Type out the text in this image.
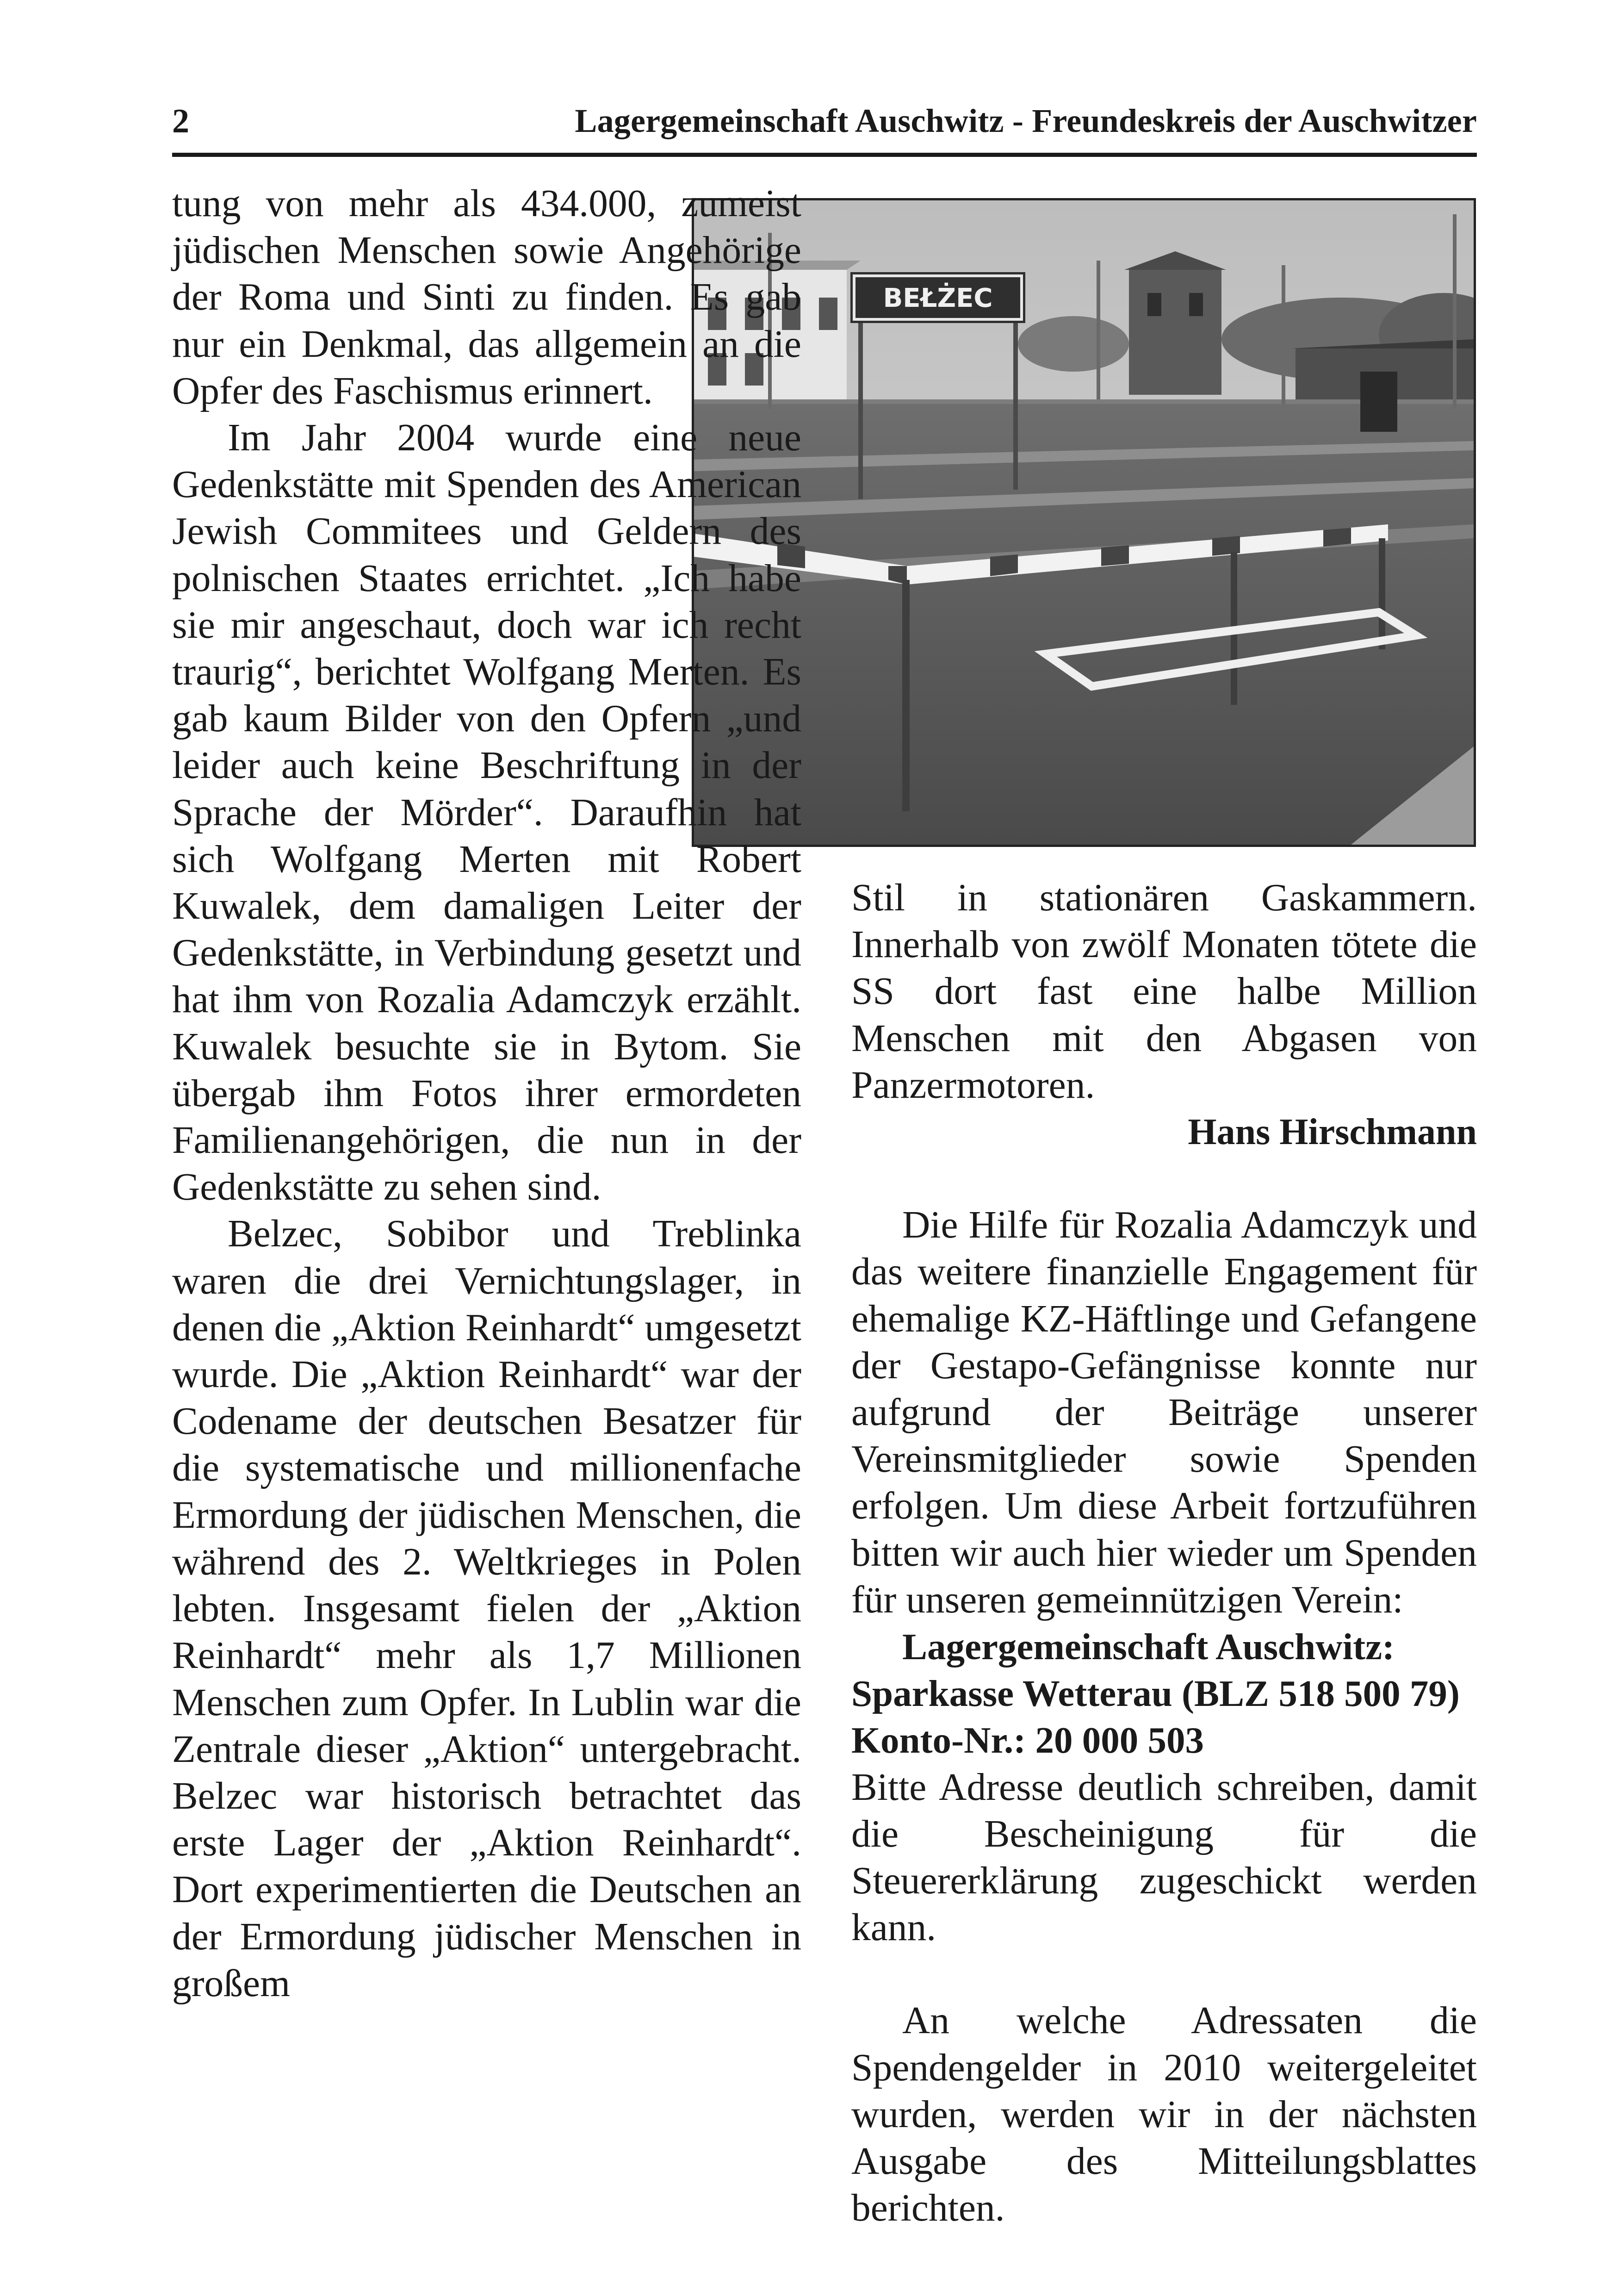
2	Lagergemeinschaft Auschwitz - Freundeskreis der Auschwitzer
BEŁŻEC

tung von mehr als 434.000, zumeist jüdischen Menschen sowie Angehörige der Roma und Sinti zu finden. Es gab nur ein Denkmal, das allgemein an die Opfer des Faschismus erinnert.

Im Jahr 2004 wurde eine neue Gedenkstätte mit Spenden des American Jewish Commitees und Geldern des polnischen Staates errichtet. „Ich habe sie mir angeschaut, doch war ich recht traurig“, berichtet Wolfgang Merten. Es gab kaum Bilder von den Opfern „und leider auch keine Beschriftung in der Sprache der Mörder“. Daraufhin hat sich Wolfgang Merten mit Robert Kuwalek, dem damaligen Leiter der Gedenkstätte, in Verbindung gesetzt und hat ihm von Rozalia Adamczyk erzählt. Kuwalek besuchte sie in Bytom. Sie übergab ihm Fotos ihrer ermordeten Familienangehörigen, die nun in der Gedenkstätte zu sehen sind.

Belzec, Sobibor und Treblinka waren die drei Vernichtungslager, in denen die „Aktion Reinhardt“ umgesetzt wurde. Die „Aktion Reinhardt“ war der Codename der deutschen Besatzer für die systematische und millionenfache Ermordung der jüdischen Menschen, die während des 2. Weltkrieges in Polen lebten. Insgesamt fielen der „Aktion Reinhardt“ mehr als 1,7 Millionen Menschen zum Opfer. In Lublin war die Zentrale dieser „Aktion“ untergebracht. Belzec war historisch betrachtet das erste Lager der „Aktion Reinhardt“. Dort experimentierten die Deutschen an der Ermordung jüdischer Menschen in großem

Stil in stationären Gaskammern. Innerhalb von zwölf Monaten tötete die SS dort fast eine halbe Million Menschen mit den Abgasen von Panzermotoren.

Hans Hirschmann

Die Hilfe für Rozalia Adamczyk und das weitere finanzielle Engagement für ehemalige KZ-Häftlinge und Gefangene der Gestapo-Gefängnisse konnte nur aufgrund der Beiträge unserer Vereinsmitglieder sowie Spenden erfolgen. Um diese Arbeit fortzuführen bitten wir auch hier wieder um Spenden für unseren gemeinnützigen Verein:

Lagergemeinschaft Auschwitz:

Sparkasse Wetterau (BLZ 518 500 79)

Konto-Nr.: 20 000 503

Bitte Adresse deutlich schreiben, damit die Bescheinigung für die Steuererklärung zugeschickt werden kann.

An welche Adressaten die Spendengelder in 2010 weitergeleitet wurden, werden wir in der nächsten Ausgabe des Mitteilungsblattes berichten.
